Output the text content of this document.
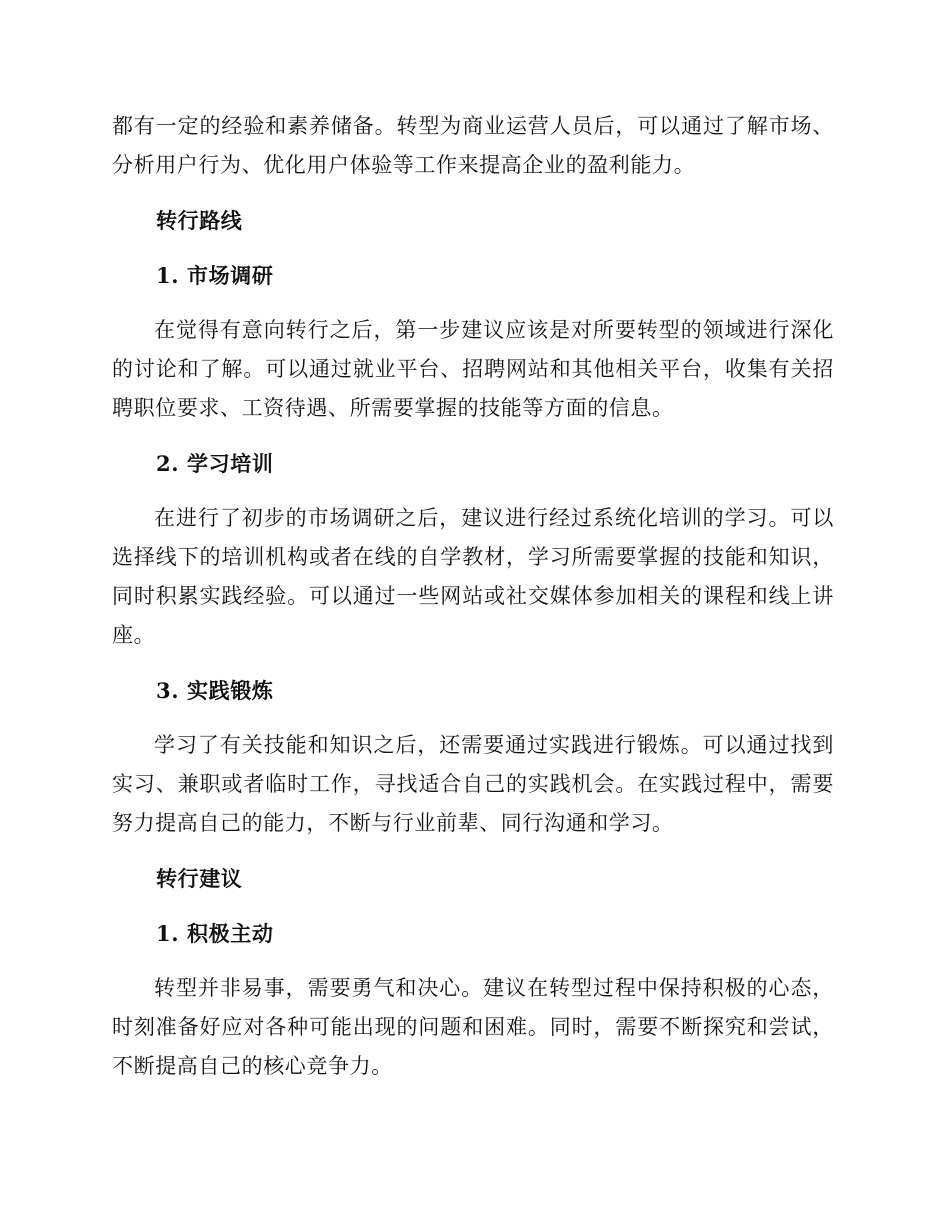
都有一定的经验和素养储备。转型为商业运营人员后，可以通过了解市场、分析用户行为、优化用户体验等工作来提高企业的盈利能力。

转行路线

1. 市场调研

在觉得有意向转行之后，第一步建议应该是对所要转型的领域进行深化的讨论和了解。可以通过就业平台、招聘网站和其他相关平台，收集有关招聘职位要求、工资待遇、所需要掌握的技能等方面的信息。

2. 学习培训

在进行了初步的市场调研之后，建议进行经过系统化培训的学习。可以选择线下的培训机构或者在线的自学教材，学习所需要掌握的技能和知识，同时积累实践经验。可以通过一些网站或社交媒体参加相关的课程和线上讲座。

3. 实践锻炼

学习了有关技能和知识之后，还需要通过实践进行锻炼。可以通过找到实习、兼职或者临时工作，寻找适合自己的实践机会。在实践过程中，需要努力提高自己的能力，不断与行业前辈、同行沟通和学习。

转行建议

1. 积极主动

转型并非易事，需要勇气和决心。建议在转型过程中保持积极的心态，时刻准备好应对各种可能出现的问题和困难。同时，需要不断探究和尝试，不断提高自己的核心竞争力。
